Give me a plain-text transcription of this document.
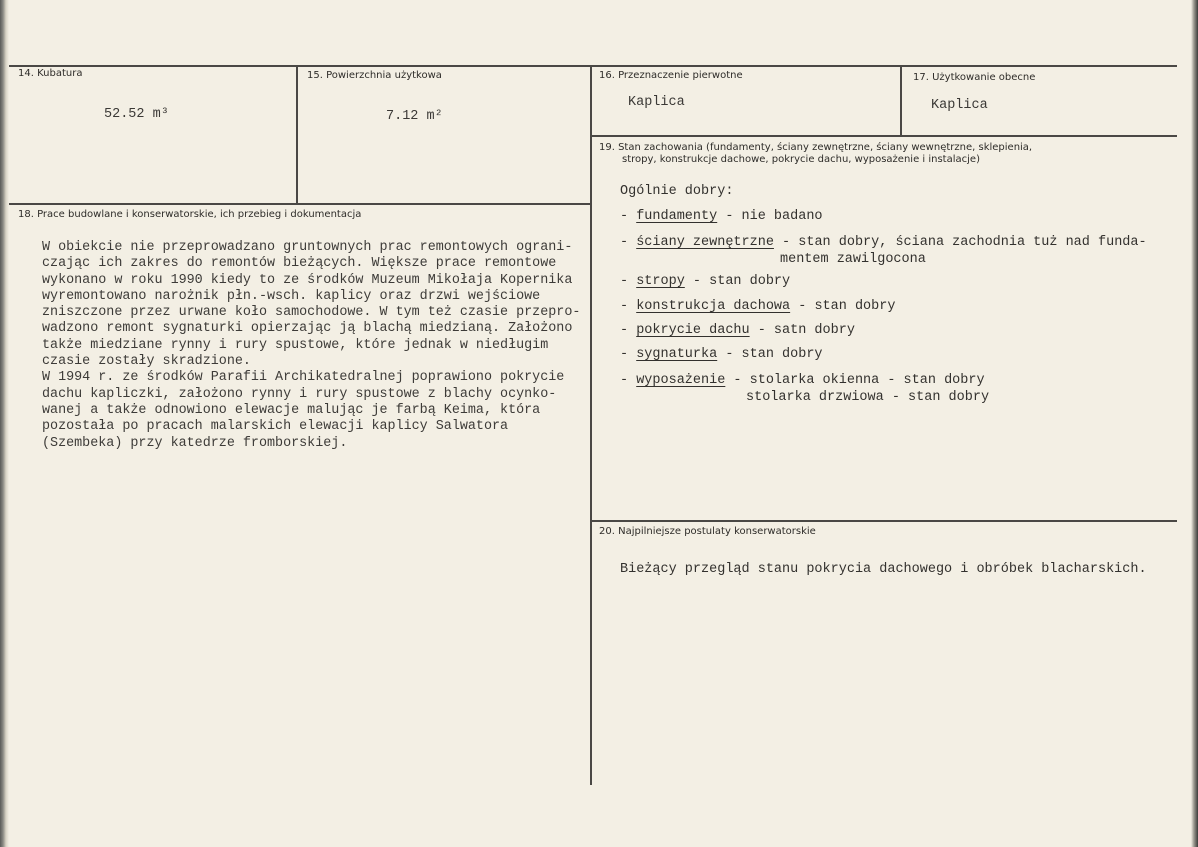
14. Kubatura
52.52 m³
15. Powierzchnia użytkowa
7.12 m²
16. Przeznaczenie pierwotne
Kaplica
17. Użytkowanie obecne
Kaplica
18. Prace budowlane i konserwatorskie, ich przebieg i dokumentacja
W obiekcie nie przeprowadzano gruntownych prac remontowych ograni-
czając ich zakres do remontów bieżących. Większe prace remontowe
wykonano w roku 1990 kiedy to ze środków Muzeum Mikołaja Kopernika
wyremontowano narożnik płn.-wsch. kaplicy oraz drzwi wejściowe
zniszczone przez urwane koło samochodowe. W tym też czasie przepro-
wadzono remont sygnaturki opierzając ją blachą miedzianą. Założono
także miedziane rynny i rury spustowe, które jednak w niedługim
czasie zostały skradzione.
W 1994 r. ze środków Parafii Archikatedralnej poprawiono pokrycie
dachu kapliczki, założono rynny i rury spustowe z blachy ocynko-
wanej a także odnowiono elewacje malując je farbą Keima, która
pozostała po pracach malarskich elewacji kaplicy Salwatora
(Szembeka) przy katedrze fromborskiej.
19. Stan zachowania (fundamenty, ściany zewnętrzne, ściany wewnętrzne, sklepienia,
stropy, konstrukcje dachowe, pokrycie dachu, wyposażenie i instalacje)
Ogólnie dobry:
- fundamenty - nie badano
- ściany zewnętrzne - stan dobry, ściana zachodnia tuż nad funda-
mentem zawilgocona
- stropy - stan dobry
- konstrukcja dachowa - stan dobry
- pokrycie dachu - satn dobry
- sygnaturka - stan dobry
- wyposażenie - stolarka okienna - stan dobry
stolarka drzwiowa - stan dobry
20. Najpilniejsze postulaty konserwatorskie
Bieżący przegląd stanu pokrycia dachowego i obróbek blacharskich.
